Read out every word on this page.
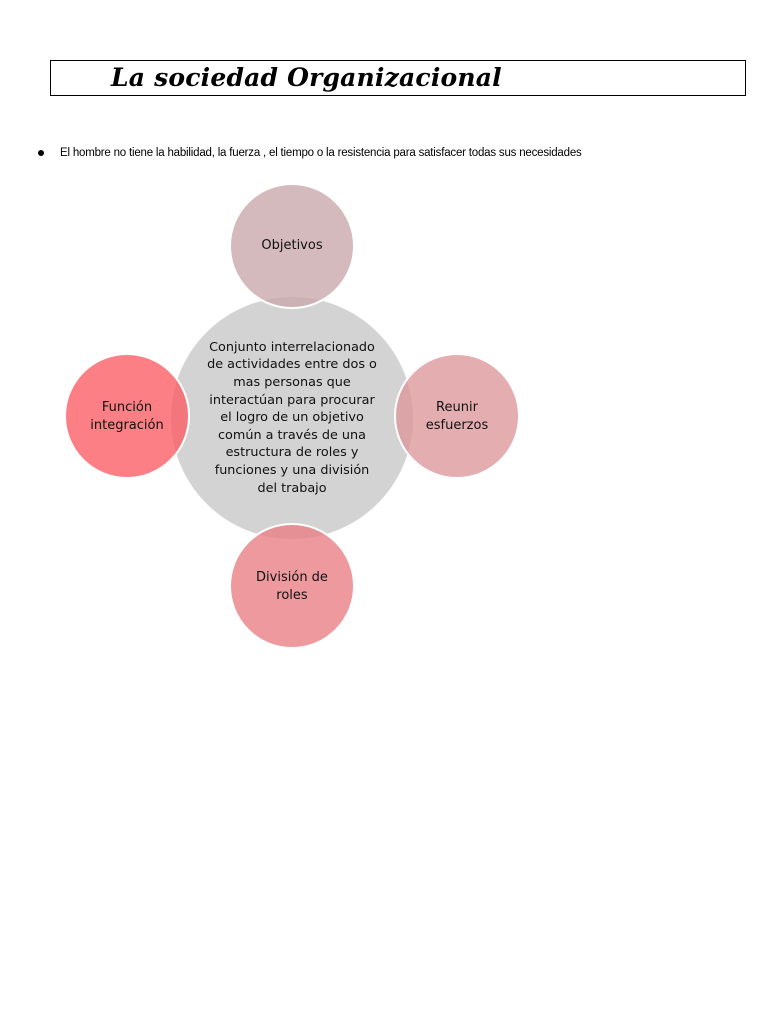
La sociedad Organizacional
El hombre no tiene la habilidad, la fuerza , el tiempo o la resistencia para satisfacer todas sus necesidades
Conjunto interrelacionado
de actividades entre dos o
mas personas que
interactúan para procurar
el logro de un objetivo
común a través de una
estructura de roles y
funciones y una división
del trabajo
Objetivos
Reunir
esfuerzos
División de
roles
Función
integración
